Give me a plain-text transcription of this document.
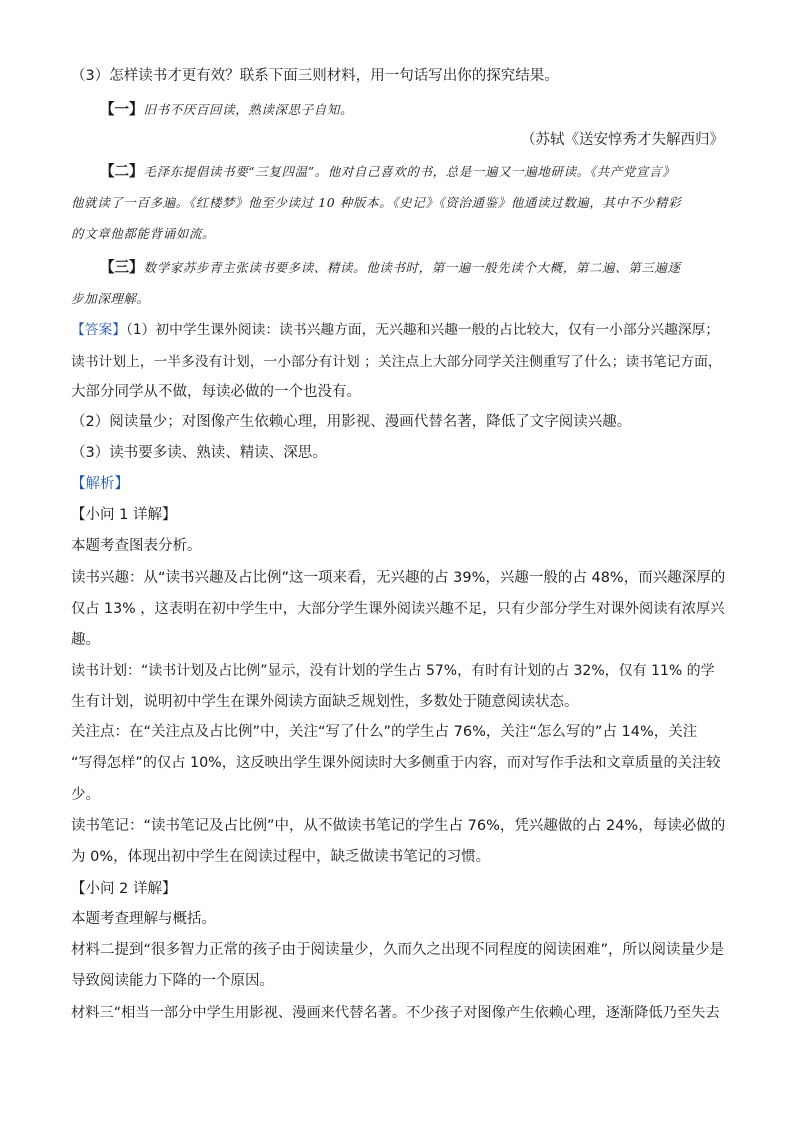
（3）怎样读书才更有效？联系下面三则材料，用一句话写出你的探究结果。
【一】旧书不厌百回读，熟读深思子自知。
（苏轼《送安惇秀才失解西归》
【二】毛泽东提倡读书要“三复四温”。他对自己喜欢的书，总是一遍又一遍地研读。《共产党宣言》
他就读了一百多遍。《红楼梦》他至少读过 10 种版本。《史记》《资治通鉴》他通读过数遍，其中不少精彩
的文章他都能背诵如流。
【三】数学家苏步青主张读书要多读、精读。他读书时，第一遍一般先读个大概，第二遍、第三遍逐
步加深理解。
【答案】（1）初中学生课外阅读：读书兴趣方面，无兴趣和兴趣一般的占比较大，仅有一小部分兴趣深厚；
读书计划上，一半多没有计划，一小部分有计划 ；关注点上大部分同学关注侧重写了什么；读书笔记方面，
大部分同学从不做，每读必做的一个也没有。
（2）阅读量少；对图像产生依赖心理，用影视、漫画代替名著，降低了文字阅读兴趣。
（3）读书要多读、熟读、精读、深思。
【解析】
【小问 1 详解】
本题考查图表分析。
读书兴趣：从“读书兴趣及占比例”这一项来看，无兴趣的占 39%，兴趣一般的占 48%，而兴趣深厚的
仅占 13% ，这表明在初中学生中，大部分学生课外阅读兴趣不足，只有少部分学生对课外阅读有浓厚兴
趣。
读书计划：“读书计划及占比例”显示，没有计划的学生占 57%，有时有计划的占 32%，仅有 11% 的学
生有计划，说明初中学生在课外阅读方面缺乏规划性，多数处于随意阅读状态。
关注点：在“关注点及占比例”中，关注“写了什么”的学生占 76%，关注“怎么写的”占 14%，关注
“写得怎样”的仅占 10%，这反映出学生课外阅读时大多侧重于内容，而对写作手法和文章质量的关注较
少。
读书笔记：“读书笔记及占比例”中，从不做读书笔记的学生占 76%，凭兴趣做的占 24%，每读必做的
为 0%，体现出初中学生在阅读过程中，缺乏做读书笔记的习惯。
【小问 2 详解】
本题考查理解与概括。
材料二提到“很多智力正常的孩子由于阅读量少，久而久之出现不同程度的阅读困难”，所以阅读量少是
导致阅读能力下降的一个原因。
材料三“相当一部分中学生用影视、漫画来代替名著。不少孩子对图像产生依赖心理，逐渐降低乃至失去
